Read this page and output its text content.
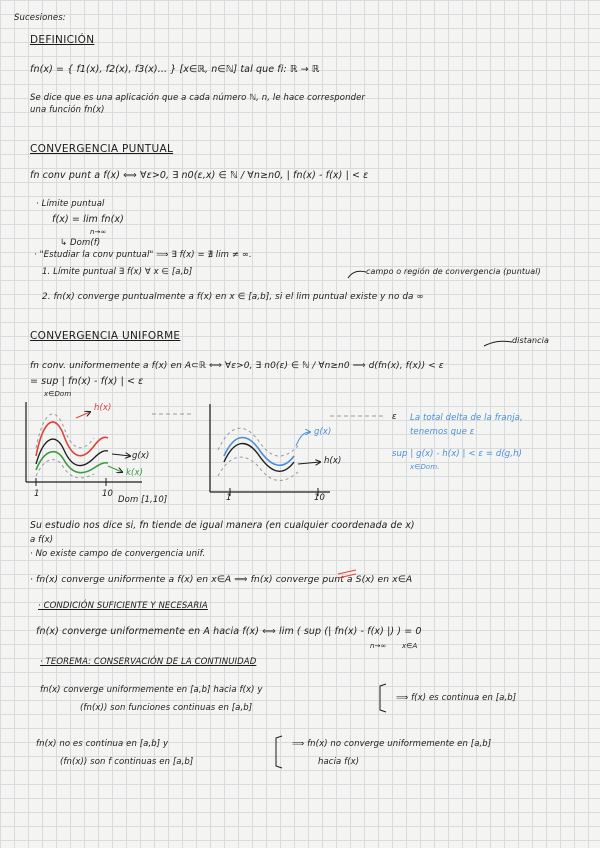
Sucesiones:
DEFINICIÓN
fn(x) = { f1(x), f2(x), f3(x)... } [x∈ℝ, n∈ℕ] tal que fi: ℝ → ℝ
Se dice que es una aplicación que a cada número ℕ, n, le hace corresponder
una función fn(x)
CONVERGENCIA PUNTUAL
fn conv punt a f(x) ⟺ ∀ε>0, ∃ n0(ε,x) ∈ ℕ / ∀n≥n0, | fn(x) - f(x) | < ε
· Límite puntual
f(x) = lim fn(x)
n→∞
↳ Dom(f)
· "Estudiar la conv puntual" ⟹ ∃ f(x) = ∄ lim ≠ ∞.
1. Límite puntual ∃ f(x) ∀ x ∈ [a,b]	campo o región de convergencia (puntual)
2. fn(x) converge puntualmente a f(x) en x ∈ [a,b], si el lim puntual existe y no da ∞
CONVERGENCIA UNIFORME	distancia
fn conv. uniformemente a f(x) en A⊂ℝ ⟺ ∀ε>0, ∃ n0(ε) ∈ ℕ / ∀n≥n0 ⟹ d(fn(x), f(x)) < ε
= sup | fn(x) - f(x) | < ε
x∈Dom
h(x)
g(x)
k(x)
1	10
Dom [1,10]
g(x)
h(x)
1	10
ε La total delta de la franja,
tenemos que ε
sup | g(x) - h(x) | < ε = d(g,h)
x∈Dom.
Su estudio nos dice si, fn tiende de igual manera (en cualquier coordenada de x)
a f(x)
· No existe campo de convergencia unif.
· fn(x) converge uniformente a f(x) en x∈A ⟹ fn(x) converge punt a S(x) en x∈A
· CONDICIÓN SUFICIENTE Y NECESARIA
fn(x) converge uniformemente en A hacia f(x) ⟺ lim ( sup (| fn(x) - f(x) |) ) = 0
n→∞ x∈A
· TEOREMA: CONSERVACIÓN DE LA CONTINUIDAD
fn(x) converge uniformemente en [a,b] hacia f(x) y
(fn(x)) son funciones continuas en [a,b]
⟹ f(x) es continua en [a,b]
fn(x) no es continua en [a,b] y
(fn(x)) son f continuas en [a,b]
⟹ fn(x) no converge uniformemente en [a,b]
hacia f(x)
